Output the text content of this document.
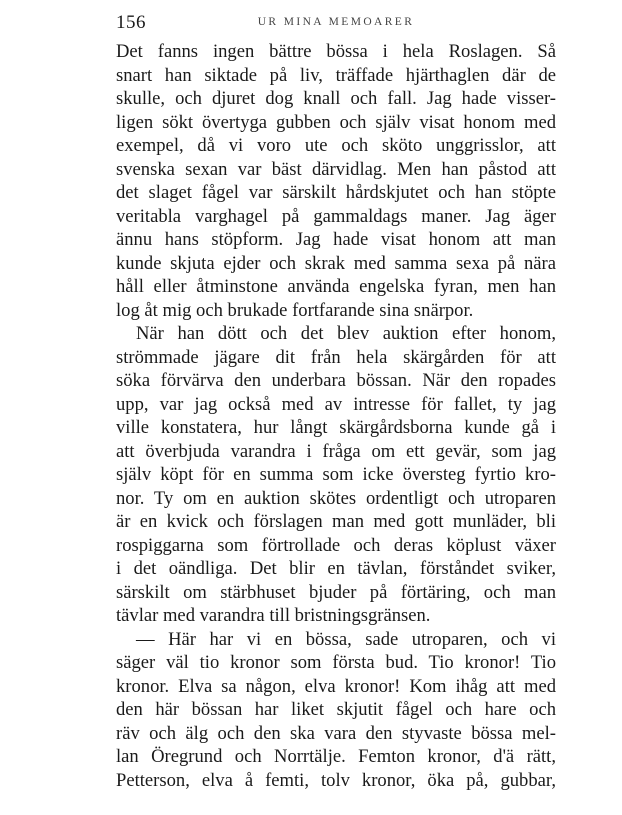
156	UR MINA MEMOARER
Det fanns ingen bättre bössa i hela Roslagen. Så
snart han siktade på liv, träffade hjärthaglen där de
skulle, och djuret dog knall och fall. Jag hade visser-
ligen sökt övertyga gubben och själv visat honom med
exempel, då vi voro ute och sköto unggrisslor, att
svenska sexan var bäst därvidlag. Men han påstod att
det slaget fågel var särskilt hårdskjutet och han stöpte
veritabla varghagel på gammaldags maner. Jag äger
ännu hans stöpform. Jag hade visat honom att man
kunde skjuta ejder och skrak med samma sexa på nära
håll eller åtminstone använda engelska fyran, men han
log åt mig och brukade fortfarande sina snärpor.
När han dött och det blev auktion efter honom,
strömmade jägare dit från hela skärgården för att
söka förvärva den underbara bössan. När den ropades
upp, var jag också med av intresse för fallet, ty jag
ville konstatera, hur långt skärgårdsborna kunde gå i
att överbjuda varandra i fråga om ett gevär, som jag
själv köpt för en summa som icke översteg fyrtio kro-
nor. Ty om en auktion skötes ordentligt och utroparen
är en kvick och förslagen man med gott munläder, bli
rospiggarna som förtrollade och deras köplust växer
i det oändliga. Det blir en tävlan, förståndet sviker,
särskilt om stärbhuset bjuder på förtäring, och man
tävlar med varandra till bristningsgränsen.
— Här har vi en bössa, sade utroparen, och vi
säger väl tio kronor som första bud. Tio kronor! Tio
kronor. Elva sa någon, elva kronor! Kom ihåg att med
den här bössan har liket skjutit fågel och hare och
räv och älg och den ska vara den styvaste bössa mel-
lan Öregrund och Norrtälje. Femton kronor, d'ä rätt,
Petterson, elva å femti, tolv kronor, öka på, gubbar,
